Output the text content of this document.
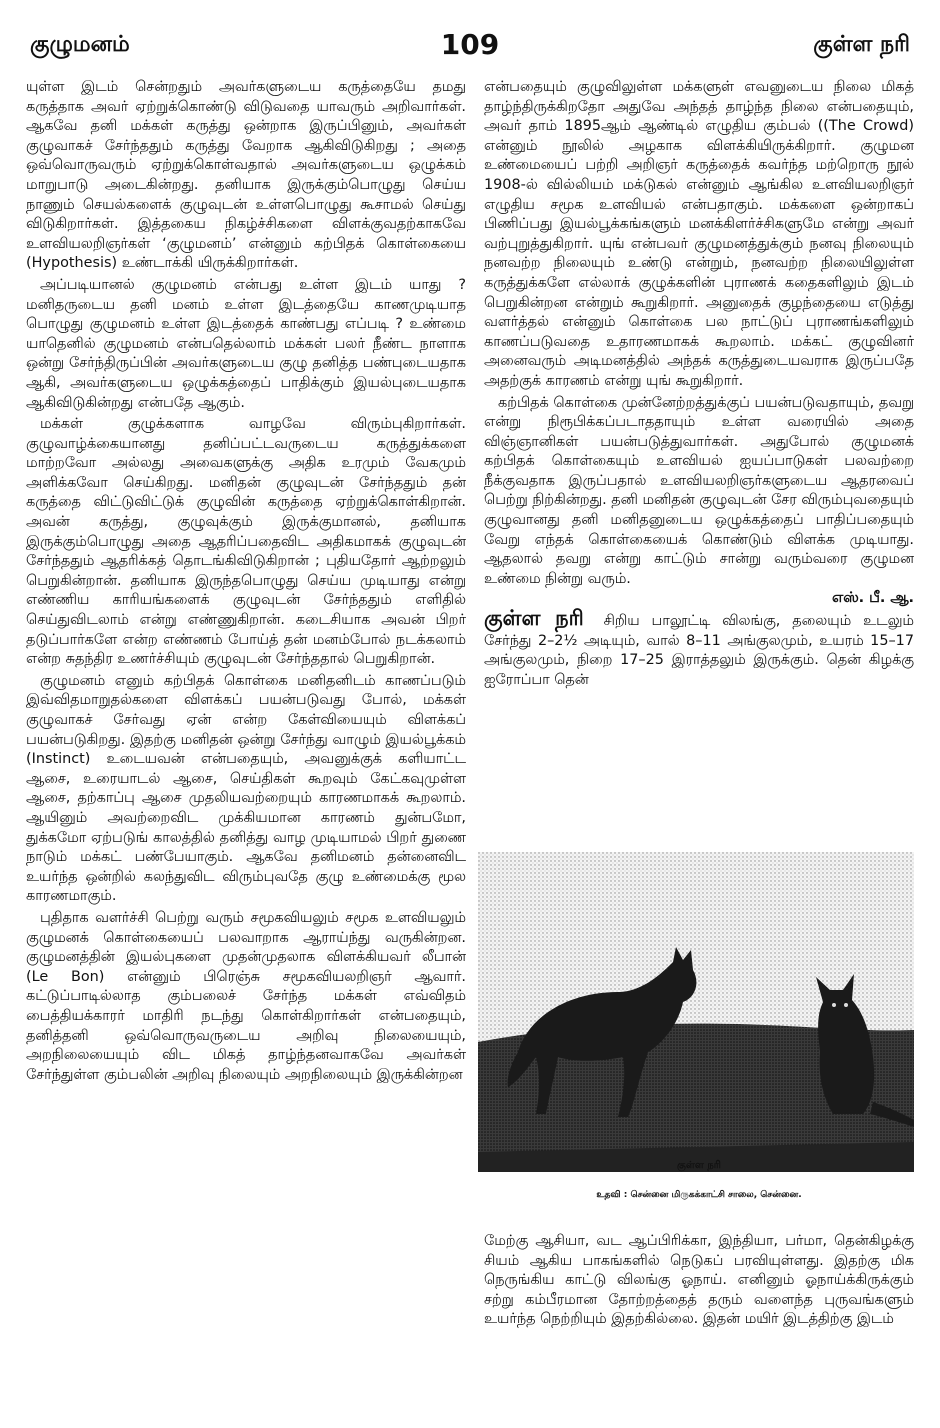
குழுமனம்	109	குள்ள நரி

யுள்ள இடம் சென்றதும் அவர்களுடைய கருத்தையே தமது கருத்தாக அவர் ஏற்றுக்கொண்டு விடுவதை யாவரும் அறிவார்கள். ஆகவே தனி மக்கள் கருத்து ஒன்றாக இருப்பினும், அவர்கள் குழுவாகச் சேர்ந்ததும் கருத்து வேறாக ஆகிவிடுகிறது ; அதை ஒவ்வொருவரும் ஏற்றுக்கொள்வதால் அவர்களுடைய ஒழுக்கம் மாறுபாடு அடைகின்றது. தனியாக இருக்கும்பொழுது செய்ய நாணும் செயல்களைக் குழுவுடன் உள்ளபொழுது கூசாமல் செய்து விடுகிறார்கள். இத்தகைய நிகழ்ச்சிகளை விளக்குவதற்காகவே உளவியலறிஞர்கள் ‘குழுமனம்’ என்னும் கற்பிதக் கொள்கையை (Hypothesis) உண்டாக்கி யிருக்கிறார்கள்.

அப்படியானல் குழுமனம் என்பது உள்ள இடம் யாது ? மனிதருடைய தனி மனம் உள்ள இடத்தையே காணமுடியாத பொழுது குழுமனம் உள்ள இடத்தைக் காண்பது எப்படி ? உண்மை யாதெனில் குழுமனம் என்பதெல்லாம் மக்கள் பலர் நீண்ட நாளாக ஒன்று சேர்ந்திருப்பின் அவர்களுடைய குழு தனித்த பண்புடையதாக ஆகி, அவர்களுடைய ஒழுக்கத்தைப் பாதிக்கும் இயல்புடையதாக ஆகிவிடுகின்றது என்பதே ஆகும்.

மக்கள் குழுக்களாக வாழவே விரும்புகிறார்கள். குழுவாழ்க்கையானது தனிப்பட்டவருடைய கருத்துக்களை மாற்றவோ அல்லது அவைகளுக்கு அதிக உரமும் வேகமும் அளிக்கவோ செய்கிறது. மனிதன் குழுவுடன் சேர்ந்ததும் தன் கருத்தை விட்டுவிட்டுக் குழுவின் கருத்தை ஏற்றுக்கொள்கிறான். அவன் கருத்து, குழுவுக்கும் இருக்குமானல், தனியாக இருக்கும்பொழுது அதை ஆதரிப்பதைவிட அதிகமாகக் குழுவுடன் சேர்ந்ததும் ஆதரிக்கத் தொடங்கிவிடுகிறான் ; புதியதோர் ஆற்றலும் பெறுகின்றான். தனியாக இருந்தபொழுது செய்ய முடியாது என்று எண்ணிய காரியங்களைக் குழுவுடன் சேர்ந்ததும் எளிதில் செய்துவிடலாம் என்று எண்ணுகிறான். கடைசியாக அவன் பிறர் தடுப்பார்களே என்ற எண்ணம் போய்த் தன் மனம்போல் நடக்கலாம் என்ற சுதந்திர உணர்ச்சியும் குழுவுடன் சேர்ந்ததால் பெறுகிறான்.

குழுமனம் எனும் கற்பிதக் கொள்கை மனிதனிடம் காணப்படும் இவ்விதமாறுதல்களை விளக்கப் பயன்படுவது போல், மக்கள் குழுவாகச் சேர்வது ஏன் என்ற கேள்வியையும் விளக்கப் பயன்படுகிறது. இதற்கு மனிதன் ஒன்று சேர்ந்து வாழும் இயல்பூக்கம் (Instinct) உடையவன் என்பதையும், அவனுக்குக் களியாட்ட ஆசை, உரையாடல் ஆசை, செய்திகள் கூறவும் கேட்கவுமுள்ள ஆசை, தற்காப்பு ஆசை முதலியவற்றையும் காரணமாகக் கூறலாம். ஆயினும் அவற்றைவிட முக்கியமான காரணம் துன்பமோ, துக்கமோ ஏற்படுங் காலத்தில் தனித்து வாழ முடியாமல் பிறர் துணை நாடும் மக்கட் பண்பேயாகும். ஆகவே தனிமனம் தன்னைவிட உயர்ந்த ஒன்றில் கலந்துவிட விரும்புவதே குழு உண்மைக்கு மூல காரணமாகும்.

புதிதாக வளர்ச்சி பெற்று வரும் சமூகவியலும் சமூக உளவியலும் குழுமனக் கொள்கையைப் பலவாறாக ஆராய்ந்து வருகின்றன. குழுமனத்தின் இயல்புகளை முதன்முதலாக விளக்கியவர் லீபான் (Le Bon) என்னும் பிரெஞ்சு சமூகவியலறிஞர் ஆவார். கட்டுப்பாடில்லாத கும்பலைச் சேர்ந்த மக்கள் எவ்விதம் பைத்தியக்காரர் மாதிரி நடந்து கொள்கிறார்கள் என்பதையும், தனித்தனி ஒவ்வொருவருடைய அறிவு நிலையையும், அறநிலையையும் விட மிகத் தாழ்ந்தனவாகவே அவர்கள் சேர்ந்துள்ள கும்பலின் அறிவு நிலையும் அறநிலையும் இருக்கின்றன

என்பதையும் குழுவிலுள்ள மக்களுள் எவனுடைய நிலை மிகத் தாழ்ந்திருக்கிறதோ அதுவே அந்தத் தாழ்ந்த நிலை என்பதையும், அவர் தாம் 1895ஆம் ஆண்டில் எழுதிய கும்பல் ((The Crowd) என்னும் நூலில் அழகாக விளக்கியிருக்கிறார். குழுமன உண்மையைப் பற்றி அறிஞர் கருத்தைக் கவர்ந்த மற்றொரு நூல் 1908-ல் வில்லியம் மக்டுகல் என்னும் ஆங்கில உளவியலறிஞர் எழுதிய சமூக உளவியல் என்பதாகும். மக்களை ஒன்றாகப் பிணிப்பது இயல்பூக்கங்களும் மனக்கிளர்ச்சிகளுமே என்று அவர் வற்புறுத்துகிறார். யுங் என்பவர் குழுமனத்துக்கும் நனவு நிலையும் நனவற்ற நிலையும் உண்டு என்றும், நனவற்ற நிலையிலுள்ள கருத்துக்களே எல்லாக் குழுக்களின் புராணக் கதைகளிலும் இடம் பெறுகின்றன என்றும் கூறுகிறார். அனுதைக் குழந்தையை எடுத்து வளர்த்தல் என்னும் கொள்கை பல நாட்டுப் புராணங்களிலும் காணப்படுவதை உதாரணமாகக் கூறலாம். மக்கட் குழுவினர் அனைவரும் அடிமனத்தில் அந்தக் கருத்துடையவராக இருப்பதே அதற்குக் காரணம் என்று யுங் கூறுகிறார்.

கற்பிதக் கொள்கை முன்னேற்றத்துக்குப் பயன்படுவதாயும், தவறு என்று நிரூபிக்கப்படாததாயும் உள்ள வரையில் அதை விஞ்ஞானிகள் பயன்படுத்துவார்கள். அதுபோல் குழுமனக் கற்பிதக் கொள்கையும் உளவியல் ஐயப்பாடுகள் பலவற்றை நீக்குவதாக இருப்பதால் உளவியலறிஞர்களுடைய ஆதரவைப் பெற்று நிற்கின்றது. தனி மனிதன் குழுவுடன் சேர விரும்புவதையும் குழுவானது தனி மனிதனுடைய ஒழுக்கத்தைப் பாதிப்பதையும் வேறு எந்தக் கொள்கையைக் கொண்டும் விளக்க முடியாது. ஆதலால் தவறு என்று காட்டும் சான்று வரும்வரை குழுமன உண்மை நின்று வரும்.

எஸ். பீ. ஆ.

குள்ள நரி சிறிய பாலூட்டி விலங்கு, தலையும் உடலும் சேர்ந்து 2–2½ அடியும், வால் 8–11 அங்குலமும், உயரம் 15–17 அங்குலமும், நிறை 17–25 இராத்தலும் இருக்கும். தென் கிழக்கு ஐரோப்பா தென்

குள்ள நரி
உதவி : சென்னை மிருகக்காட்சி சாலை, சென்னை.

மேற்கு ஆசியா, வட ஆப்பிரிக்கா, இந்தியா, பர்மா, தென்கிழக்கு சியம் ஆகிய பாகங்களில் நெடுகப் பரவியுள்ளது. இதற்கு மிக நெருங்கிய காட்டு விலங்கு ஓநாய். எனினும் ஓநாய்க்கிருக்கும் சற்று கம்பீரமான தோற்றத்தைத் தரும் வளைந்த புருவங்களும் உயர்ந்த நெற்றியும் இதற்கில்லை. இதன் மயிர் இடத்திற்கு இடம்
